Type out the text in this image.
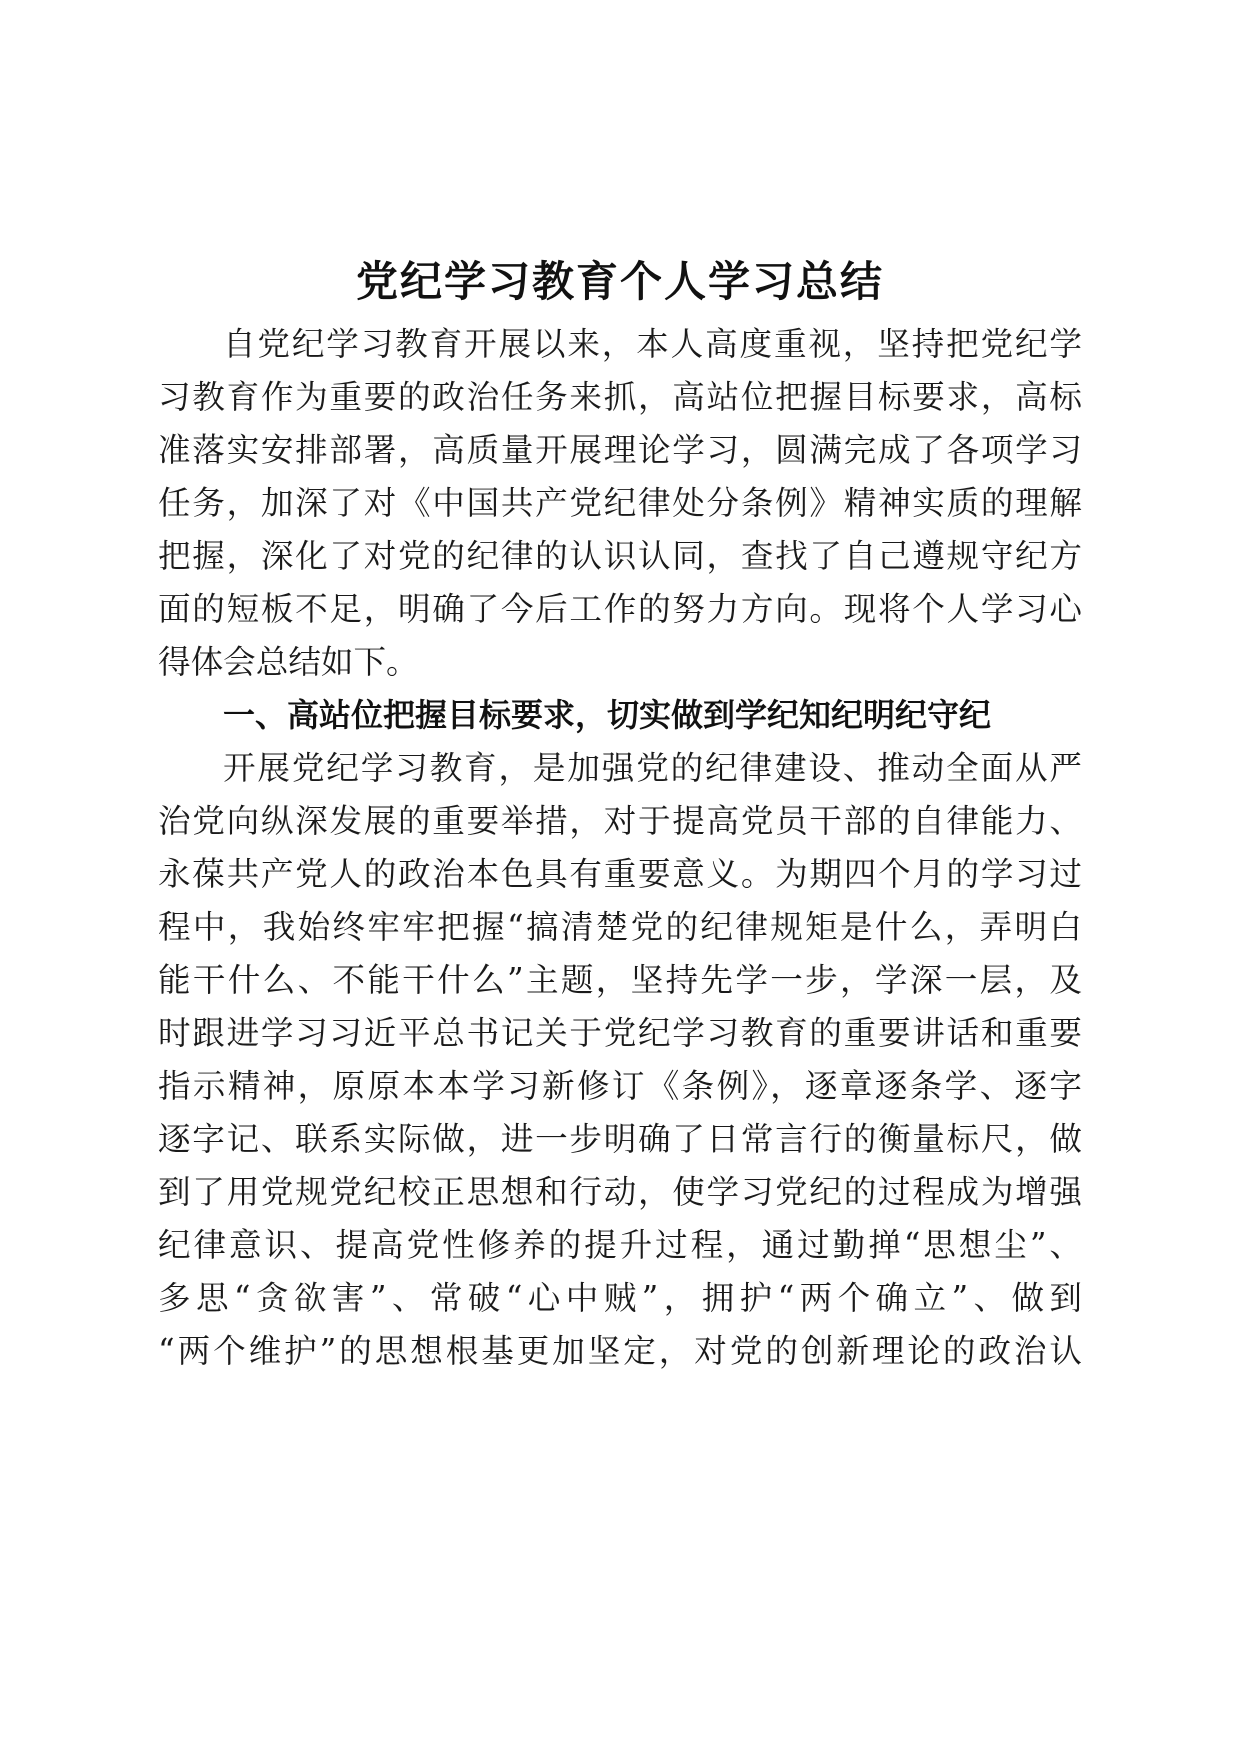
党纪学习教育个人学习总结
自党纪学习教育开展以来，本人高度重视，坚持把党纪学
习教育作为重要的政治任务来抓，高站位把握目标要求，高标
准落实安排部署，高质量开展理论学习，圆满完成了各项学习
任务，加深了对《中国共产党纪律处分条例》精神实质的理解
把握，深化了对党的纪律的认识认同，查找了自己遵规守纪方
面的短板不足，明确了今后工作的努力方向。现将个人学习心
得体会总结如下。
一、高站位把握目标要求，切实做到学纪知纪明纪守纪
开展党纪学习教育，是加强党的纪律建设、推动全面从严
治党向纵深发展的重要举措，对于提高党员干部的自律能力、
永葆共产党人的政治本色具有重要意义。为期四个月的学习过
程中，我始终牢牢把握“搞清楚党的纪律规矩是什么，弄明白
能干什么、不能干什么”主题，坚持先学一步，学深一层，及
时跟进学习习近平总书记关于党纪学习教育的重要讲话和重要
指示精神，原原本本学习新修订《条例》，逐章逐条学、逐字
逐字记、联系实际做，进一步明确了日常言行的衡量标尺，做
到了用党规党纪校正思想和行动，使学习党纪的过程成为增强
纪律意识、提高党性修养的提升过程，通过勤掸“思想尘”、
多思“贪欲害”、常破“心中贼”，拥护“两个确立”、做到
“两个维护”的思想根基更加坚定，对党的创新理论的政治认
